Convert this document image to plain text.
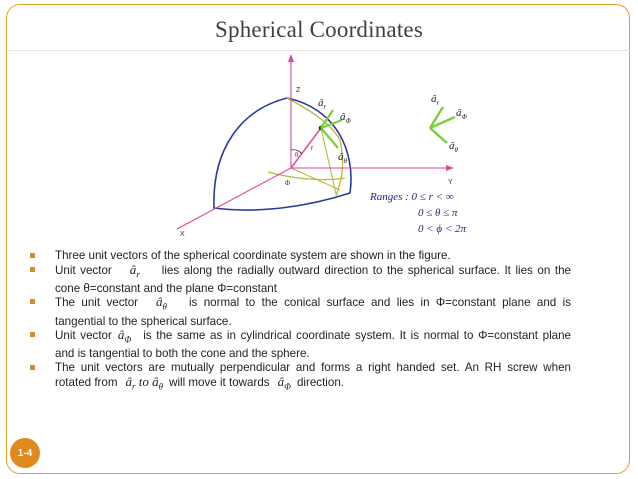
Spherical Coordinates
Z
Y
X
r
θ
Φ
$â_r$
$â_\Phi$
$â_\theta$
$â_r$
$â_\Phi$
$â_\theta$
Ranges : 0 ≤ r < ∞
0 ≤ θ ≤ π
0 < ϕ < 2π
Three unit vectors of the spherical coordinate system are shown in the figure.
Unit vector $â_r$ lies along the radially outward direction to the spherical surface. It lies on the cone θ=constant and the plane Φ=constant
The unit vector $â_\theta$ is normal to the conical surface and lies in Φ=constant plane and is tangential to the spherical surface.
Unit vector $â_\Phi$ is the same as in cylindrical coordinate system. It is normal to Φ=constant plane and is tangential to both the cone and the sphere.
The unit vectors are mutually perpendicular and forms a right handed set. An RH screw when rotated from $â_r$ to $â_\theta$ will move it towards $â_\Phi$ direction.
1-4
